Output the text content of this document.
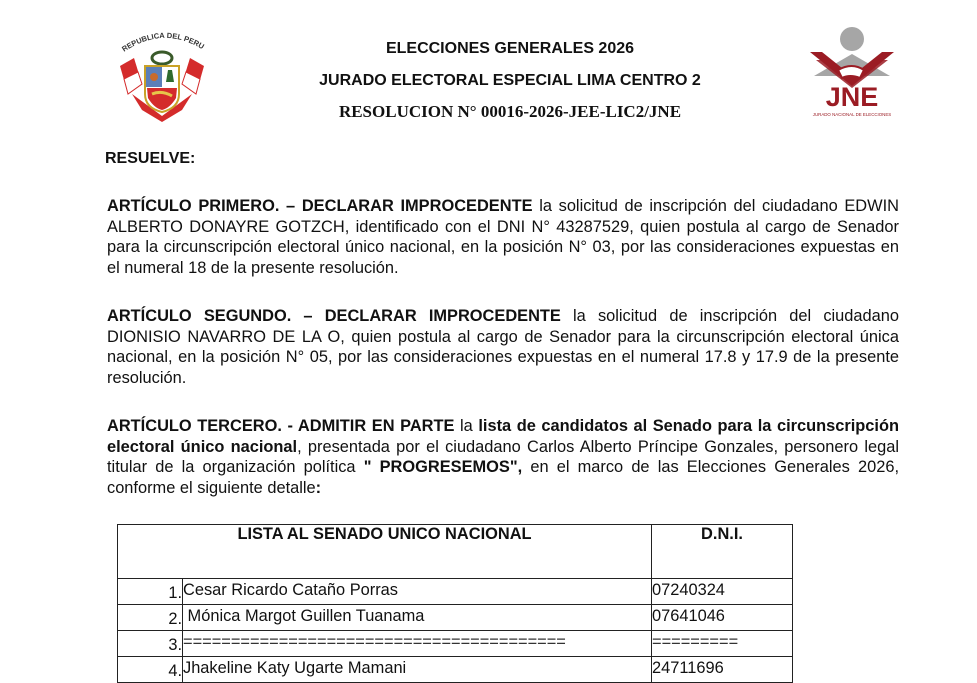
REPUBLICA DEL PERU	ELECCIONES GENERALES 2026
JURADO ELECTORAL ESPECIAL LIMA CENTRO 2
RESOLUCION N° 00016-2026-JEE-LIC2/JNE	JNE
JURADO NACIONAL DE ELECCIONES
RESUELVE:
ARTÍCULO PRIMERO. – DECLARAR IMPROCEDENTE la solicitud de inscripción del ciudadano EDWIN ALBERTO DONAYRE GOTZCH, identificado con el DNI N° 43287529, quien postula al cargo de Senador para la circunscripción electoral único nacional, en la posición N° 03, por las consideraciones expuestas en el numeral 18 de la presente resolución.
ARTÍCULO SEGUNDO. – DECLARAR IMPROCEDENTE la solicitud de inscripción del ciudadano DIONISIO NAVARRO DE LA O, quien postula al cargo de Senador para la circunscripción electoral única nacional, en la posición N° 05, por las consideraciones expuestas en el numeral 17.8 y 17.9 de la presente resolución.
ARTÍCULO TERCERO. - ADMITIR EN PARTE la lista de candidatos al Senado para la circunscripción electoral único nacional, presentada por el ciudadano Carlos Alberto Príncipe Gonzales, personero legal titular de la organización política " PROGRESEMOS", en el marco de las Elecciones Generales 2026, conforme el siguiente detalle:
LISTA AL SENADO UNICO NACIONAL		D.N.I.
1.	Cesar Ricardo Cataño Porras	07240324
2.	Mónica Margot Guillen Tuanama	07641046
3.	========================================	=========
4.	Jhakeline Katy Ugarte Mamani	24711696
